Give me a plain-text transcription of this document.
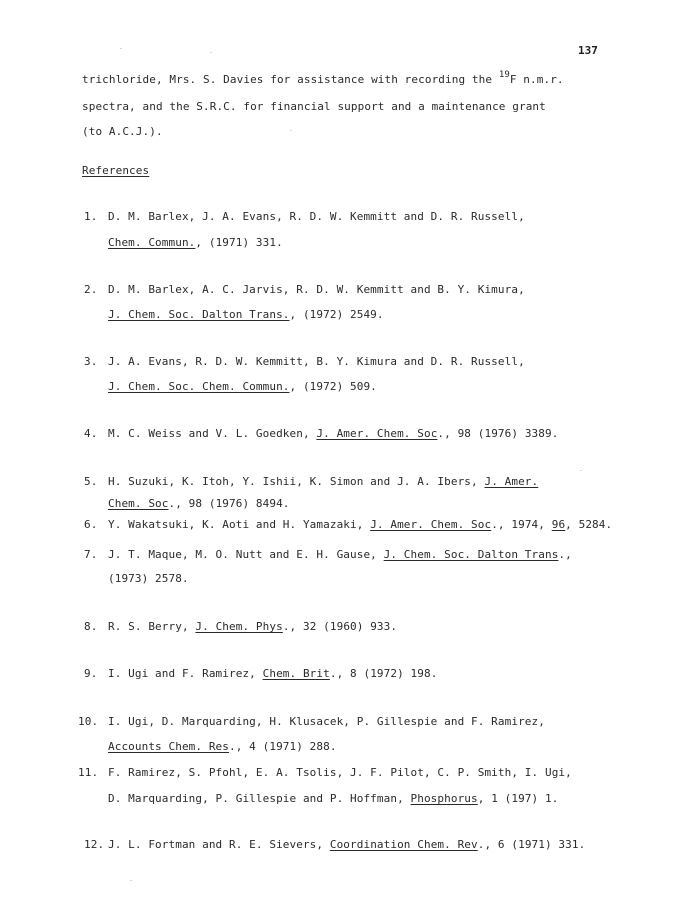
137
trichloride, Mrs. S. Davies for assistance with recording the $^{19}$F n.m.r.
spectra, and the S.R.C. for financial support and a maintenance grant
(to A.C.J.).
References
1. D. M. Barlex, J. A. Evans, R. D. W. Kemmitt and D. R. Russell,
Chem. Commun., (1971) 331.
2. D. M. Barlex, A. C. Jarvis, R. D. W. Kemmitt and B. Y. Kimura,
J. Chem. Soc. Dalton Trans., (1972) 2549.
3. J. A. Evans, R. D. W. Kemmitt, B. Y. Kimura and D. R. Russell,
J. Chem. Soc. Chem. Commun., (1972) 509.
4. M. C. Weiss and V. L. Goedken, J. Amer. Chem. Soc., 98 (1976) 3389.
5. H. Suzuki, K. Itoh, Y. Ishii, K. Simon and J. A. Ibers, J. Amer.
Chem. Soc., 98 (1976) 8494.
6. Y. Wakatsuki, K. Aoti and H. Yamazaki, J. Amer. Chem. Soc., 1974, 96, 5284.
7. J. T. Maque, M. O. Nutt and E. H. Gause, J. Chem. Soc. Dalton Trans.,
(1973) 2578.
8. R. S. Berry, J. Chem. Phys., 32 (1960) 933.
9. I. Ugi and F. Ramirez, Chem. Brit., 8 (1972) 198.
10. I. Ugi, D. Marquarding, H. Klusacek, P. Gillespie and F. Ramirez,
Accounts Chem. Res., 4 (1971) 288.
11. F. Ramirez, S. Pfohl, E. A. Tsolis, J. F. Pilot, C. P. Smith, I. Ugi,
D. Marquarding, P. Gillespie and P. Hoffman, Phosphorus, 1 (197) 1.
12. J. L. Fortman and R. E. Sievers, Coordination Chem. Rev., 6 (1971) 331.
